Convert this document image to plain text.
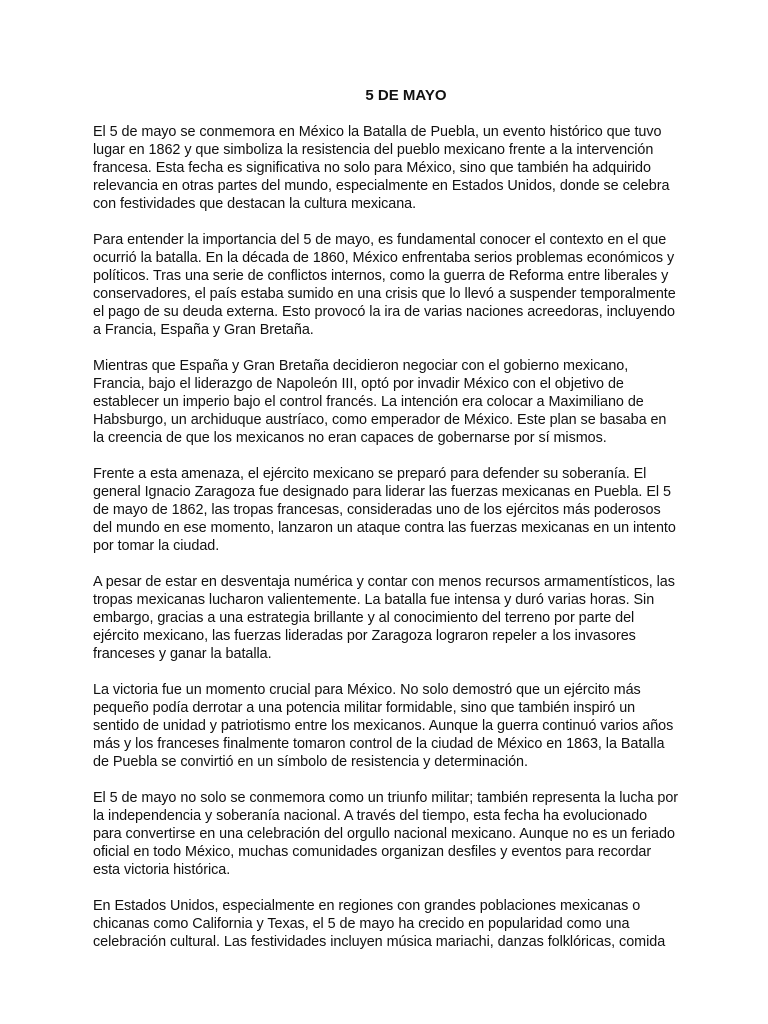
5 DE MAYO

El 5 de mayo se conmemora en México la Batalla de Puebla, un evento histórico que tuvo
lugar en 1862 y que simboliza la resistencia del pueblo mexicano frente a la intervención
francesa. Esta fecha es significativa no solo para México, sino que también ha adquirido
relevancia en otras partes del mundo, especialmente en Estados Unidos, donde se celebra
con festividades que destacan la cultura mexicana.

Para entender la importancia del 5 de mayo, es fundamental conocer el contexto en el que
ocurrió la batalla. En la década de 1860, México enfrentaba serios problemas económicos y
políticos. Tras una serie de conflictos internos, como la guerra de Reforma entre liberales y
conservadores, el país estaba sumido en una crisis que lo llevó a suspender temporalmente
el pago de su deuda externa. Esto provocó la ira de varias naciones acreedoras, incluyendo
a Francia, España y Gran Bretaña.

Mientras que España y Gran Bretaña decidieron negociar con el gobierno mexicano,
Francia, bajo el liderazgo de Napoleón III, optó por invadir México con el objetivo de
establecer un imperio bajo el control francés. La intención era colocar a Maximiliano de
Habsburgo, un archiduque austríaco, como emperador de México. Este plan se basaba en
la creencia de que los mexicanos no eran capaces de gobernarse por sí mismos.

Frente a esta amenaza, el ejército mexicano se preparó para defender su soberanía. El
general Ignacio Zaragoza fue designado para liderar las fuerzas mexicanas en Puebla. El 5
de mayo de 1862, las tropas francesas, consideradas uno de los ejércitos más poderosos
del mundo en ese momento, lanzaron un ataque contra las fuerzas mexicanas en un intento
por tomar la ciudad.

A pesar de estar en desventaja numérica y contar con menos recursos armamentísticos, las
tropas mexicanas lucharon valientemente. La batalla fue intensa y duró varias horas. Sin
embargo, gracias a una estrategia brillante y al conocimiento del terreno por parte del
ejército mexicano, las fuerzas lideradas por Zaragoza lograron repeler a los invasores
franceses y ganar la batalla.

La victoria fue un momento crucial para México. No solo demostró que un ejército más
pequeño podía derrotar a una potencia militar formidable, sino que también inspiró un
sentido de unidad y patriotismo entre los mexicanos. Aunque la guerra continuó varios años
más y los franceses finalmente tomaron control de la ciudad de México en 1863, la Batalla
de Puebla se convirtió en un símbolo de resistencia y determinación.

El 5 de mayo no solo se conmemora como un triunfo militar; también representa la lucha por
la independencia y soberanía nacional. A través del tiempo, esta fecha ha evolucionado
para convertirse en una celebración del orgullo nacional mexicano. Aunque no es un feriado
oficial en todo México, muchas comunidades organizan desfiles y eventos para recordar
esta victoria histórica.

En Estados Unidos, especialmente en regiones con grandes poblaciones mexicanas o
chicanas como California y Texas, el 5 de mayo ha crecido en popularidad como una
celebración cultural. Las festividades incluyen música mariachi, danzas folklóricas, comida
